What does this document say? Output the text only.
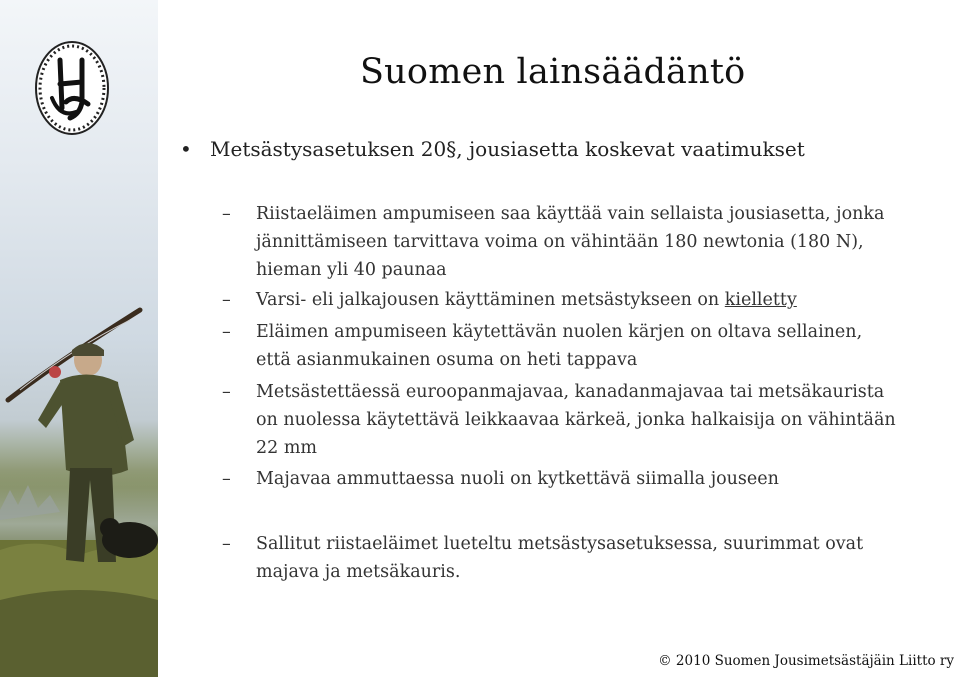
Suomen lainsäädäntö
• Metsästysasetuksen 20§, jousiasetta koskevat vaatimukset
– Riistaeläimen ampumiseen saa käyttää vain sellaista jousiasetta, jonka jännittämiseen tarvittava voima on vähintään 180 newtonia (180 N), hieman yli 40 paunaa
– Varsi- eli jalkajousen käyttäminen metsästykseen on kielletty
– Eläimen ampumiseen käytettävän nuolen kärjen on oltava sellainen, että asianmukainen osuma on heti tappava
– Metsästettäessä euroopanmajavaa, kanadanmajavaa tai metsäkaurista on nuolessa käytettävä leikkaavaa kärkeä, jonka halkaisija on vähintään 22 mm
– Majavaa ammuttaessa nuoli on kytkettävä siimalla jouseen
– Sallitut riistaeläimet lueteltu metsästysasetuksessa, suurimmat ovat majava ja metsäkauris.
© 2010 Suomen Jousimetsästäjäin Liitto ry
